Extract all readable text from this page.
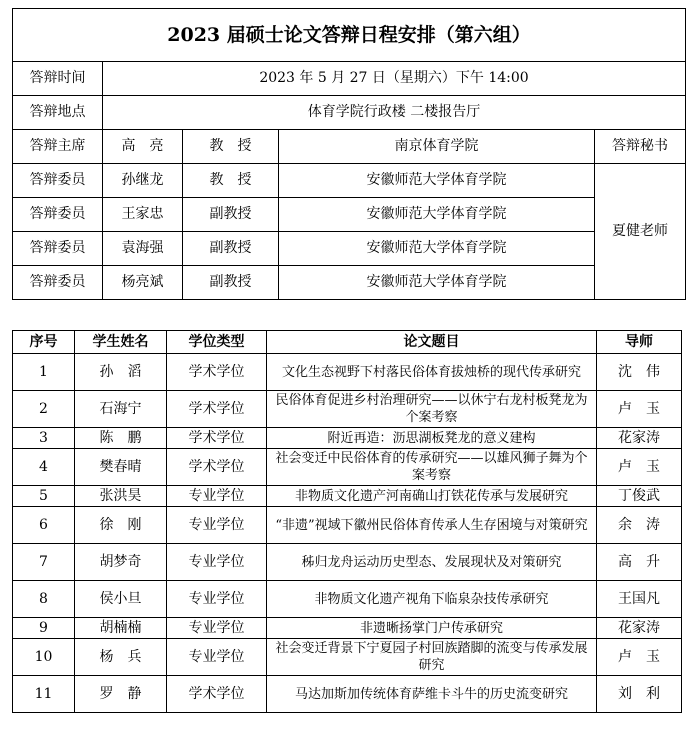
2023 届硕士论文答辩日程安排（第六组）				
答辩时间	2023 年 5 月 27 日（星期六）下午 14:00			
答辩地点	体育学院行政楼 二楼报告厅			
答辩主席	高　亮	教　授	南京体育学院	答辩秘书
答辩委员	孙继龙	教　授	安徽师范大学体育学院	夏健老师
答辩委员	王家忠	副教授	安徽师范大学体育学院	
答辩委员	袁海强	副教授	安徽师范大学体育学院	
答辩委员	杨亮斌	副教授	安徽师范大学体育学院	
序号	学生姓名	学位类型	论文题目	导师
1	孙　滔	学术学位	文化生态视野下村落民俗体育拔烛桥的现代传承研究	沈　伟
2	石海宁	学术学位	民俗体育促进乡村治理研究——以休宁右龙村板凳龙为个案考察	卢　玉
3	陈　鹏	学术学位	附近再造：沥思湖板凳龙的意义建构	花家涛
4	樊春晴	学术学位	社会变迁中民俗体育的传承研究——以雄风狮子舞为个案考察	卢　玉
5	张洪昊	专业学位	非物质文化遗产河南确山打铁花传承与发展研究	丁俊武
6	徐　刚	专业学位	“非遗”视域下徽州民俗体育传承人生存困境与对策研究	余　涛
7	胡梦奇	专业学位	秭归龙舟运动历史型态、发展现状及对策研究	高　升
8	侯小旦	专业学位	非物质文化遗产视角下临泉杂技传承研究	王国凡
9	胡楠楠	专业学位	非遗晰扬掌门户传承研究	花家涛
10	杨　兵	专业学位	社会变迁背景下宁夏园子村回族踏脚的流变与传承发展研究	卢　玉
11	罗　静	学术学位	马达加斯加传统体育萨维卡斗牛的历史流变研究	刘　利
